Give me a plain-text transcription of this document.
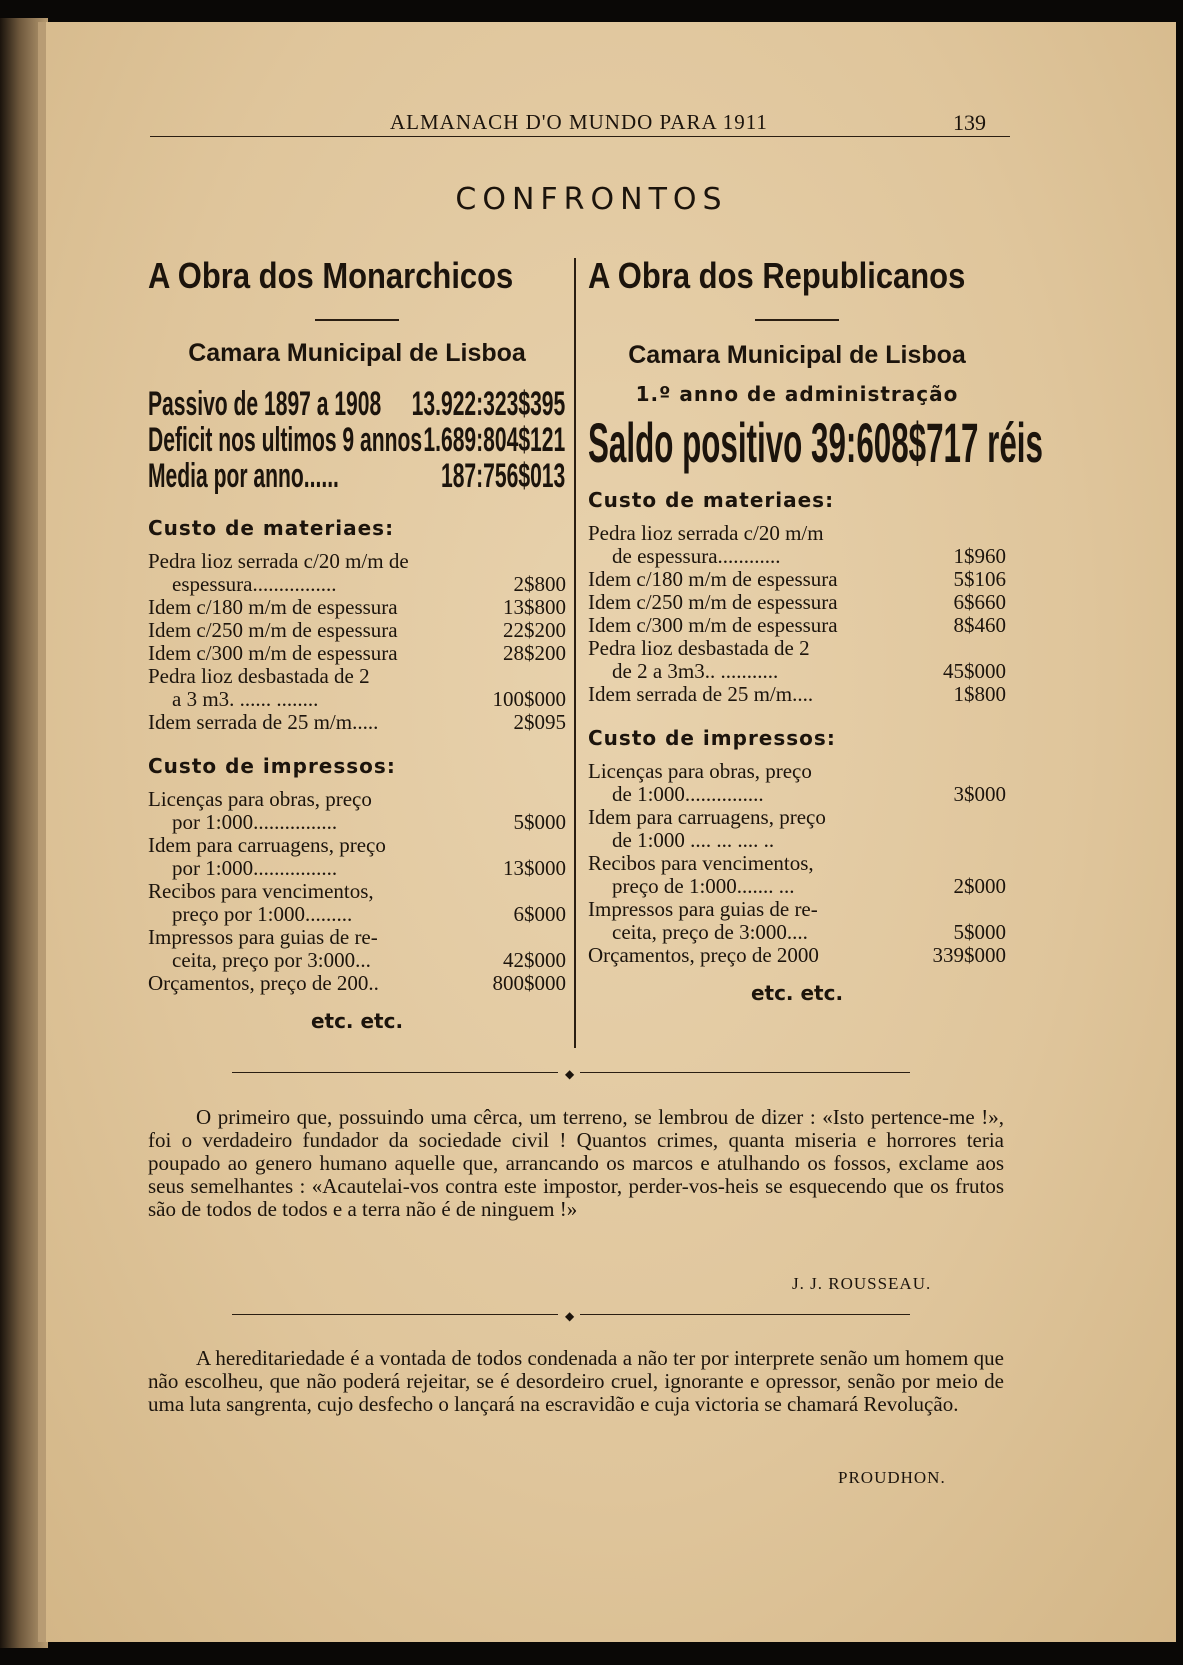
ALMANACH D'O MUNDO PARA 1911	139
CONFRONTOS
A Obra dos Monarchicos
Camara Municipal de Lisboa
Passivo de 1897 a 1908 13.922:323$395
Deficit nos ultimos 9 annos 1.689:804$121
Media por anno......	187:756$013
Custo de materiaes:
Pedra lioz serrada c/20 m/m de
espessura................	2$800
Idem c/180 m/m de espessura	13$800
Idem c/250 m/m de espessura	22$200
Idem c/300 m/m de espessura	28$200
Pedra lioz desbastada de 2
a 3 m3. ...... ........	100$000
Idem serrada de 25 m/m.....	2$095
Custo de impressos:
Licenças para obras, preço
por 1:000................	5$000
Idem para carruagens, preço
por 1:000................	13$000
Recibos para vencimentos,
preço por 1:000.........	6$000
Impressos para guias de re-
ceita, preço por 3:000...	42$000
Orçamentos, preço de 200..	800$000
etc. etc.
A Obra dos Republicanos
Camara Municipal de Lisboa
1.º anno de administração
Saldo positivo 39:608$717 réis
Custo de materiaes:
Pedra lioz serrada c/20 m/m
de espessura............	1$960
Idem c/180 m/m de espessura	5$106
Idem c/250 m/m de espessura	6$660
Idem c/300 m/m de espessura	8$460
Pedra lioz desbastada de 2
de 2 a 3m3.. ...........	45$000
Idem serrada de 25 m/m....	1$800
Custo de impressos:
Licenças para obras, preço
de 1:000...............	3$000
Idem para carruagens, preço
de 1:000 .... ... .... ..
Recibos para vencimentos,
preço de 1:000....... ...	2$000
Impressos para guias de re-
ceita, preço de 3:000....	5$000
Orçamentos, preço de 2000	339$000
etc. etc.
◆

O primeiro que, possuindo uma cêrca, um terreno, se lembrou de dizer : «Isto pertence-me !», foi o verdadeiro fundador da sociedade civil ! Quantos crimes, quanta miseria e horrores teria poupado ao genero humano aquelle que, arrancando os marcos e atulhando os fossos, exclame aos seus semelhantes : «Acautelai-vos contra este impostor, perder-vos-heis se esquecendo que os frutos são de todos de todos e a terra não é de ninguem !»

J. J. ROUSSEAU.
◆

A hereditariedade é a vontada de todos condenada a não ter por interprete senão um homem que não escolheu, que não poderá rejeitar, se é desordeiro cruel, ignorante e opressor, senão por meio de uma luta sangrenta, cujo desfecho o lançará na escravidão e cuja victoria se chamará Revolução.

PROUDHON.
